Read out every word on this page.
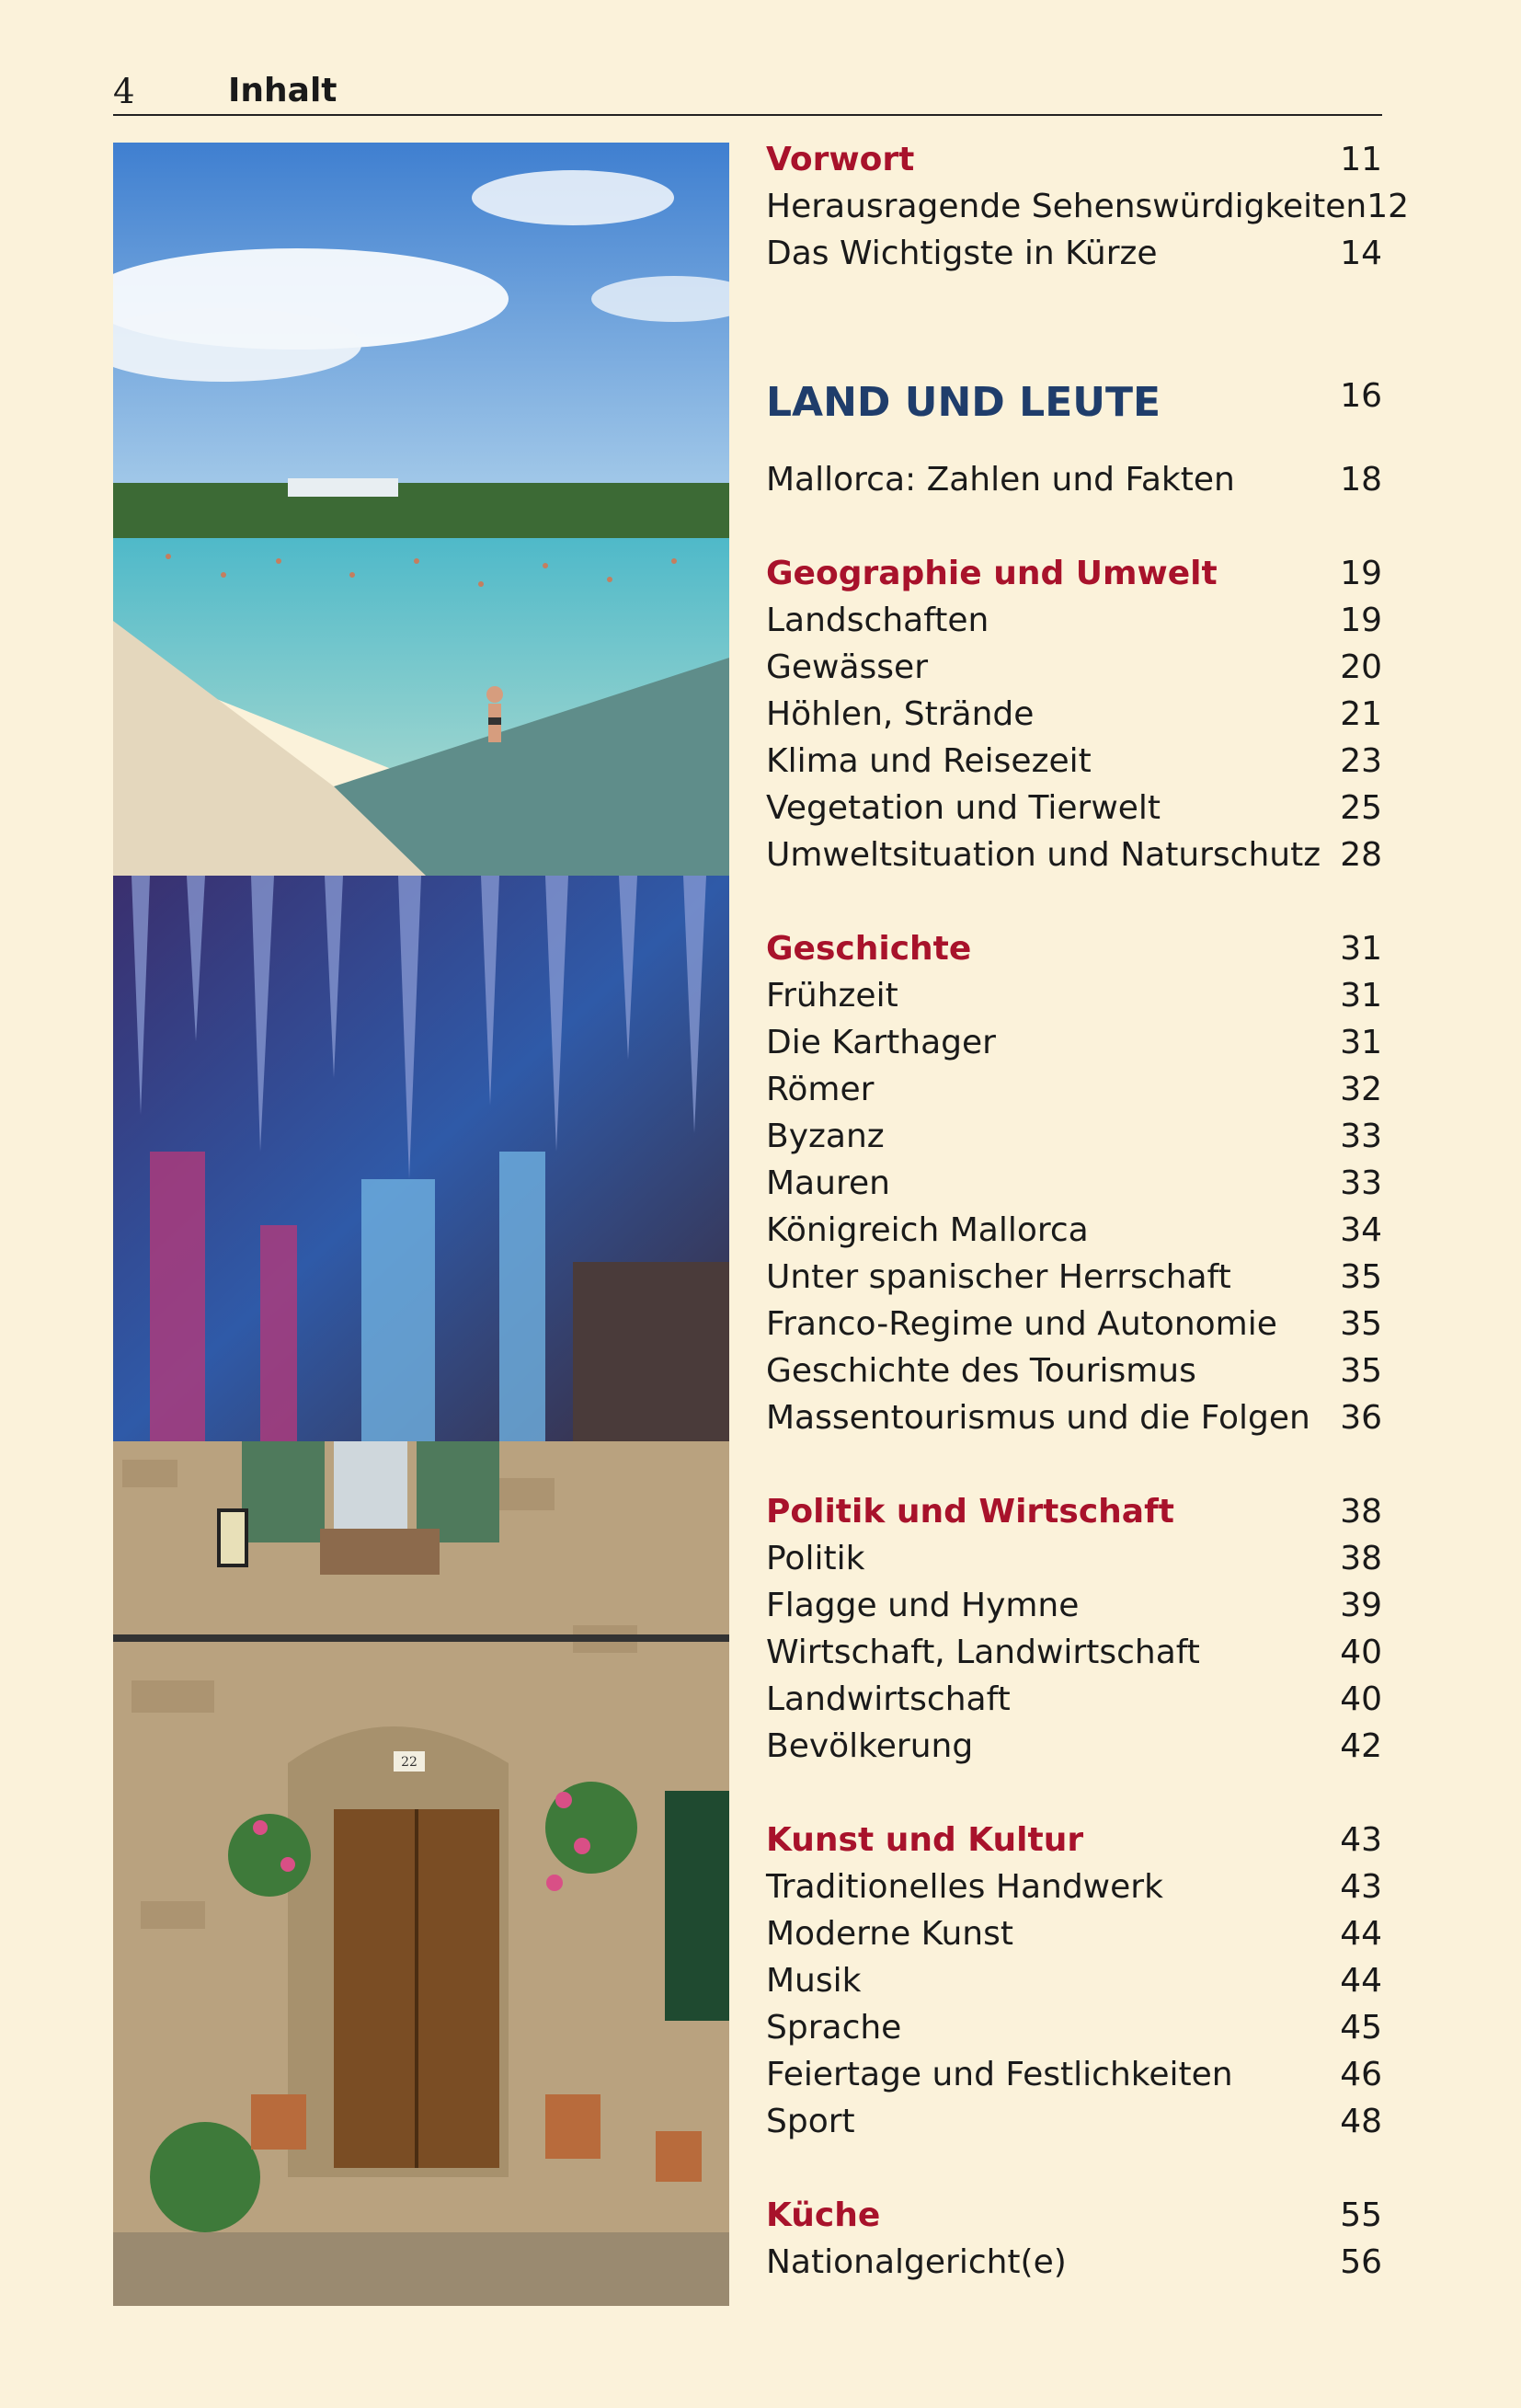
4	Inhalt
22
Vorwort	11
Herausragende Sehenswürdigkeiten 12
Das Wichtigste in Kürze	14
LAND UND LEUTE	16
Mallorca: Zahlen und Fakten	18
Geographie und Umwelt	19
Landschaften	19
Gewässer	20
Höhlen, Strände	21
Klima und Reisezeit	23
Vegetation und Tierwelt	25
Umweltsituation und Naturschutz 28
Geschichte	31
Frühzeit	31
Die Karthager	31
Römer	32
Byzanz	33
Mauren	33
Königreich Mallorca	34
Unter spanischer Herrschaft	35
Franco-Regime und Autonomie 35
Geschichte des Tourismus	35
Massentourismus und die Folgen 36
Politik und Wirtschaft	38
Politik	38
Flagge und Hymne	39
Wirtschaft, Landwirtschaft	40
Landwirtschaft	40
Bevölkerung	42
Kunst und Kultur	43
Traditionelles Handwerk	43
Moderne Kunst	44
Musik	44
Sprache	45
Feiertage und Festlichkeiten	46
Sport	48
Küche	55
Nationalgericht(e)	56
